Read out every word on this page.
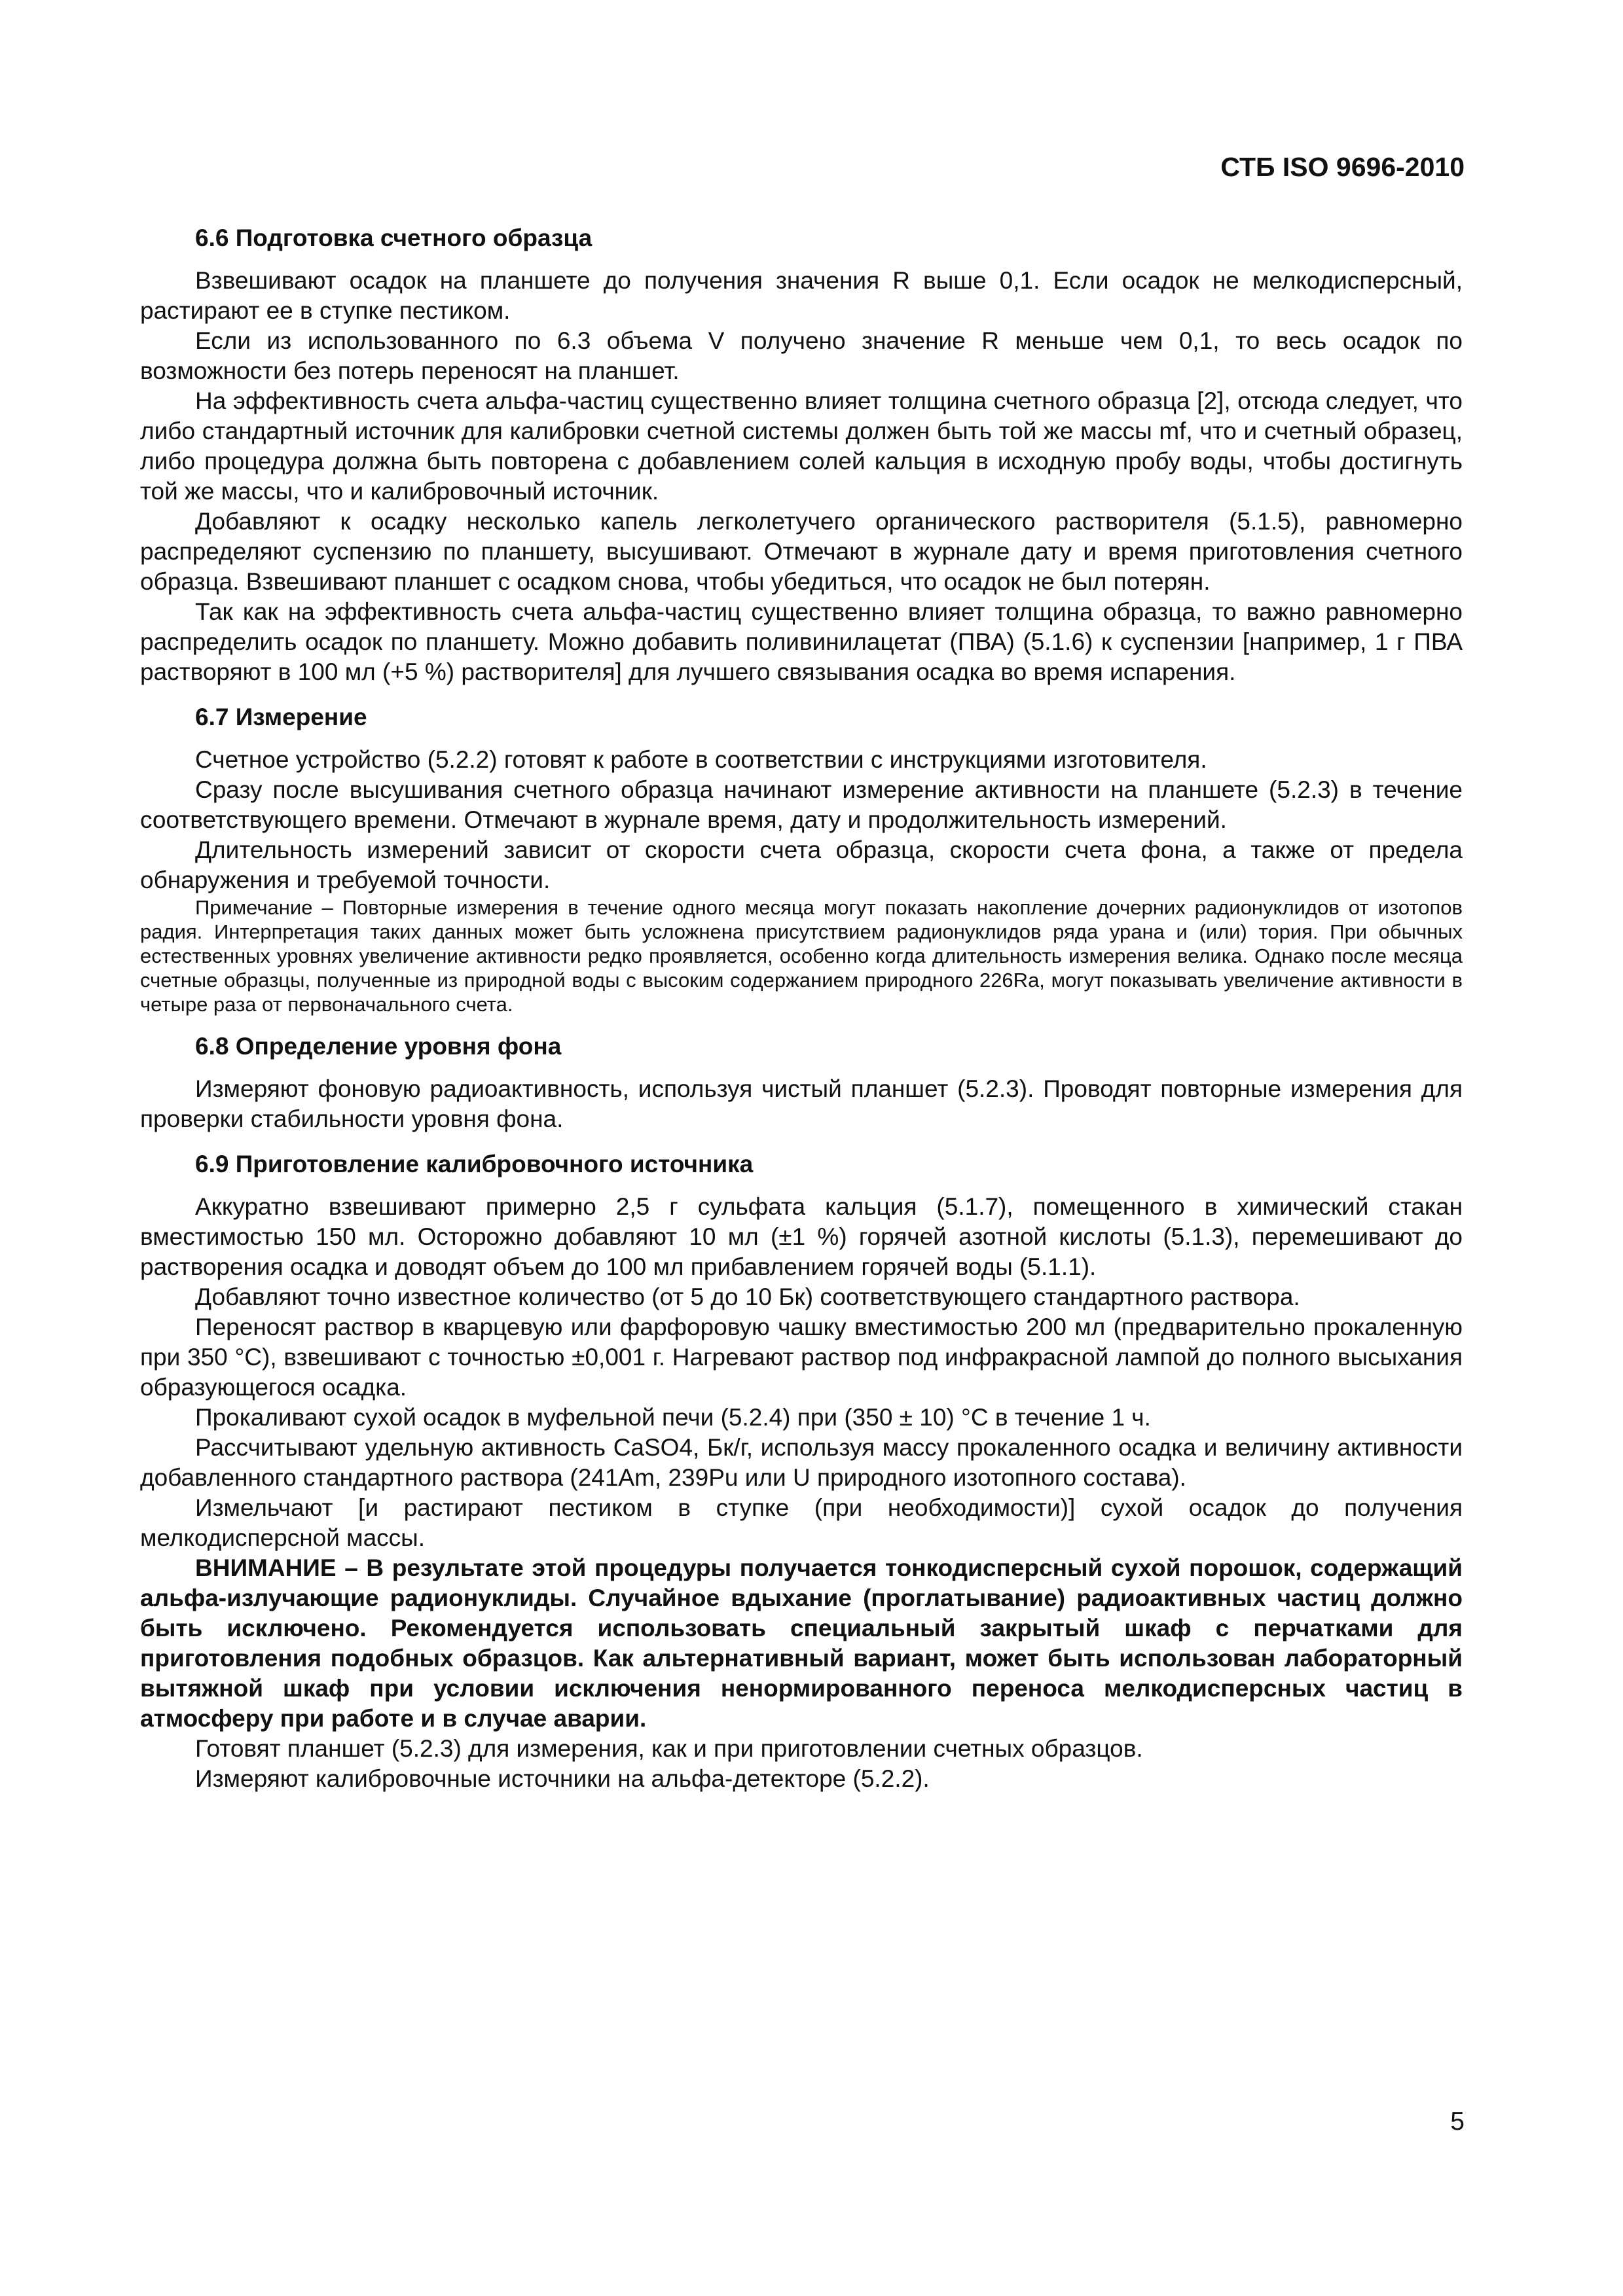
СТБ ISO 9696-2010
6.6 Подготовка счетного образца

Взвешивают осадок на планшете до получения значения R выше 0,1. Если осадок не мелкодисперсный, растирают ее в ступке пестиком.

Если из использованного по 6.3 объема V получено значение R меньше чем 0,1, то весь осадок по возможности без потерь переносят на планшет.

На эффективность счета альфа-частиц существенно влияет толщина счетного образца [2], отсюда следует, что либо стандартный источник для калибровки счетной системы должен быть той же массы mf, что и счетный образец, либо процедура должна быть повторена с добавлением солей кальция в исходную пробу воды, чтобы достигнуть той же массы, что и калибровочный источник.

Добавляют к осадку несколько капель легколетучего органического растворителя (5.1.5), равномерно распределяют суспензию по планшету, высушивают. Отмечают в журнале дату и время приготовления счетного образца. Взвешивают планшет с осадком снова, чтобы убедиться, что осадок не был потерян.

Так как на эффективность счета альфа-частиц существенно влияет толщина образца, то важно равномерно распределить осадок по планшету. Можно добавить поливинилацетат (ПВА) (5.1.6) к суспензии [например, 1 г ПВА растворяют в 100 мл (+5 %) растворителя] для лучшего связывания осадка во время испарения.

6.7 Измерение

Счетное устройство (5.2.2) готовят к работе в соответствии с инструкциями изготовителя.

Сразу после высушивания счетного образца начинают измерение активности на планшете (5.2.3) в течение соответствующего времени. Отмечают в журнале время, дату и продолжительность измерений.

Длительность измерений зависит от скорости счета образца, скорости счета фона, а также от предела обнаружения и требуемой точности.

Примечание – Повторные измерения в течение одного месяца могут показать накопление дочерних радионуклидов от изотопов радия. Интерпретация таких данных может быть усложнена присутствием радионуклидов ряда урана и (или) тория. При обычных естественных уровнях увеличение активности редко проявляется, особенно когда длительность измерения велика. Однако после месяца счетные образцы, полученные из природной воды с высоким содержанием природного 226Ra, могут показывать увеличение активности в четыре раза от первоначального счета.

6.8 Определение уровня фона

Измеряют фоновую радиоактивность, используя чистый планшет (5.2.3). Проводят повторные измерения для проверки стабильности уровня фона.

6.9 Приготовление калибровочного источника

Аккуратно взвешивают примерно 2,5 г сульфата кальция (5.1.7), помещенного в химический стакан вместимостью 150 мл. Осторожно добавляют 10 мл (±1 %) горячей азотной кислоты (5.1.3), перемешивают до растворения осадка и доводят объем до 100 мл прибавлением горячей воды (5.1.1).

Добавляют точно известное количество (от 5 до 10 Бк) соответствующего стандартного раствора.

Переносят раствор в кварцевую или фарфоровую чашку вместимостью 200 мл (предварительно прокаленную при 350 °С), взвешивают с точностью ±0,001 г. Нагревают раствор под инфракрасной лампой до полного высыхания образующегося осадка.

Прокаливают сухой осадок в муфельной печи (5.2.4) при (350 ± 10) °С в течение 1 ч.

Рассчитывают удельную активность CaSO4, Бк/г, используя массу прокаленного осадка и величину активности добавленного стандартного раствора (241Am, 239Pu или U природного изотопного состава).

Измельчают [и растирают пестиком в ступке (при необходимости)] сухой осадок до получения мелкодисперсной массы.

ВНИМАНИЕ – В результате этой процедуры получается тонкодисперсный сухой порошок, содержащий альфа-излучающие радионуклиды. Случайное вдыхание (проглатывание) радиоактивных частиц должно быть исключено. Рекомендуется использовать специальный закрытый шкаф с перчатками для приготовления подобных образцов. Как альтернативный вариант, может быть использован лабораторный вытяжной шкаф при условии исключения ненормированного переноса мелкодисперсных частиц в атмосферу при работе и в случае аварии.

Готовят планшет (5.2.3) для измерения, как и при приготовлении счетных образцов.

Измеряют калибровочные источники на альфа-детекторе (5.2.2).

5
